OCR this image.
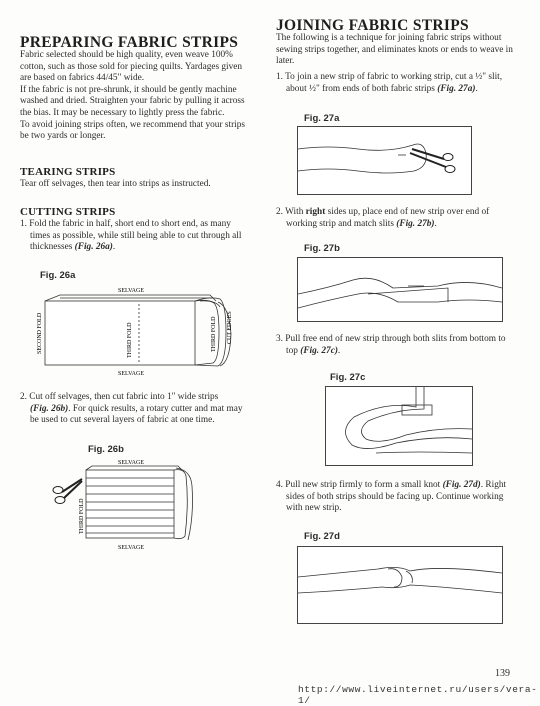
PREPARING FABRIC STRIPS
Fabric selected should be high quality, even weave 100%
cotton, such as those sold for piecing quilts. Yardages given
are based on fabrics 44/45" wide.
If the fabric is not pre-shrunk, it should be gently machine
washed and dried. Straighten your fabric by pulling it across
the bias. It may be necessary to lightly press the fabric.
To avoid joining strips often, we recommend that your strips
be two yards or longer.
TEARING STRIPS
Tear off selvages, then tear into strips as instructed.
CUTTING STRIPS
1. Fold the fabric in half, short end to short end, as many
times as possible, while still being able to cut through all
thicknesses (Fig. 26a).
Fig. 26a
SELVAGE
SELVAGE
SECOND FOLD	THIRD FOLD	THIRD FOLD CUT EDGES
2. Cut off selvages, then cut fabric into 1" wide strips
(Fig. 26b). For quick results, a rotary cutter and mat may
be used to cut several layers of fabric at one time.
Fig. 26b
SELVAGE
SELVAGE
THIRD FOLD
JOINING FABRIC STRIPS
The following is a technique for joining fabric strips without
sewing strips together, and eliminates knots or ends to weave in
later.
1. To join a new strip of fabric to working strip, cut a ½" slit,
about ½" from ends of both fabric strips (Fig. 27a).
Fig. 27a
2. With right sides up, place end of new strip over end of
working strip and match slits (Fig. 27b).
Fig. 27b
3. Pull free end of new strip through both slits from bottom to
top (Fig. 27c).
Fig. 27c
4. Pull new strip firmly to form a small knot (Fig. 27d). Right
sides of both strips should be facing up. Continue working
with new strip.
Fig. 27d
139
http://www.liveinternet.ru/users/vera-1/
